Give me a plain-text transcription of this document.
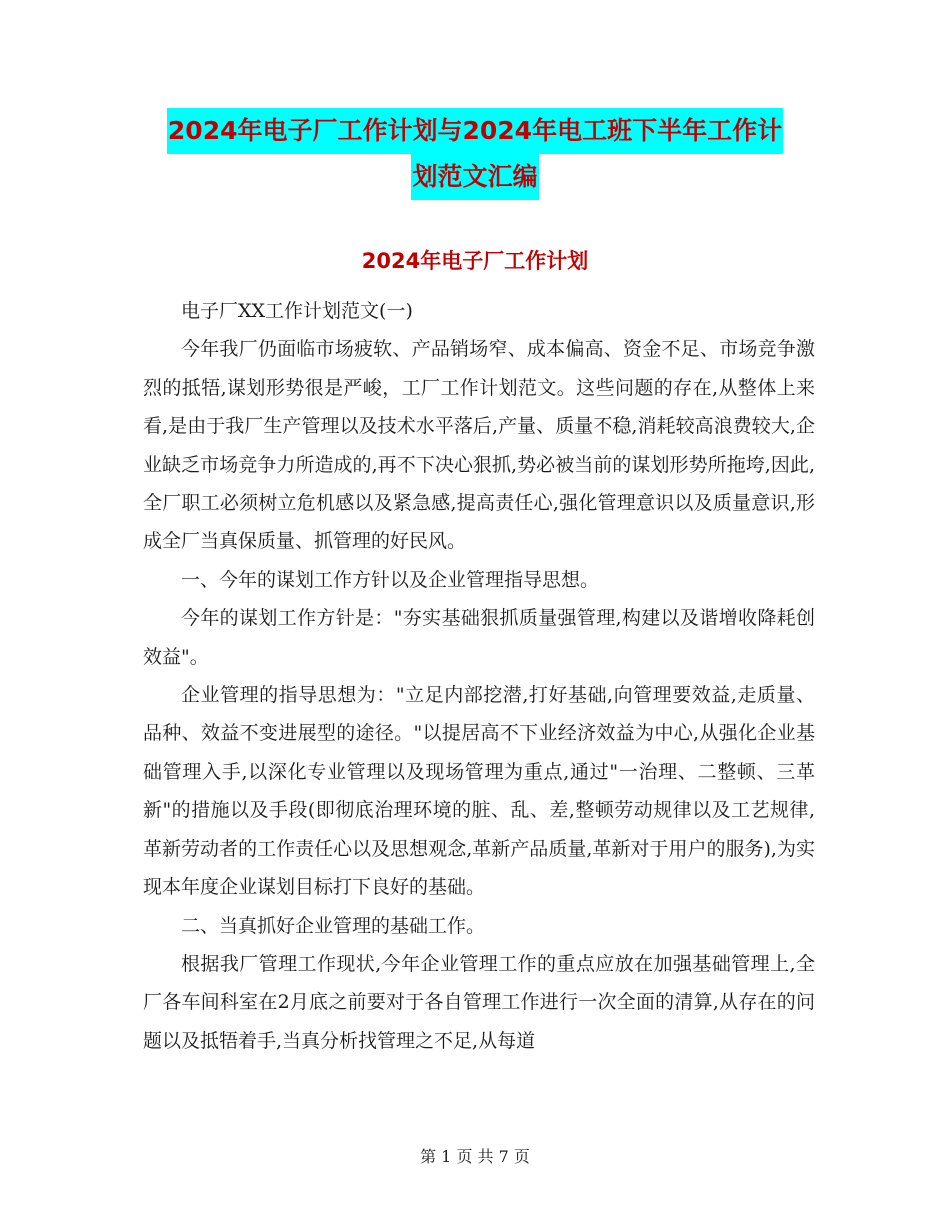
2024年电子厂工作计划与2024年电工班下半年工作计
划范文汇编
2024年电子厂工作计划

电子厂XX工作计划范文(一)

今年我厂仍面临市场疲软、产品销场窄、成本偏高、资金不足、市场竞争激烈的抵牾,谋划形势很是严峻，工厂工作计划范文。这些问题的存在,从整体上来看,是由于我厂生产管理以及技术水平落后,产量、质量不稳,消耗较高浪费较大,企业缺乏市场竞争力所造成的,再不下决心狠抓,势必被当前的谋划形势所拖垮,因此,全厂职工必须树立危机感以及紧急感,提高责任心,强化管理意识以及质量意识,形成全厂当真保质量、抓管理的好民风。

一、今年的谋划工作方针以及企业管理指导思想。

今年的谋划工作方针是："夯实基础狠抓质量强管理,构建以及谐增收降耗创效益"。

企业管理的指导思想为："立足内部挖潜,打好基础,向管理要效益,走质量、品种、效益不变进展型的途径。"以提居高不下业经济效益为中心,从强化企业基础管理入手,以深化专业管理以及现场管理为重点,通过"一治理、二整顿、三革新"的措施以及手段(即彻底治理环境的脏、乱、差,整顿劳动规律以及工艺规律,革新劳动者的工作责任心以及思想观念,革新产品质量,革新对于用户的服务),为实现本年度企业谋划目标打下良好的基础。

二、当真抓好企业管理的基础工作。

根据我厂管理工作现状,今年企业管理工作的重点应放在加强基础管理上,全厂各车间科室在2月底之前要对于各自管理工作进行一次全面的清算,从存在的问题以及抵牾着手,当真分析找管理之不足,从每道

第 1 页 共 7 页
